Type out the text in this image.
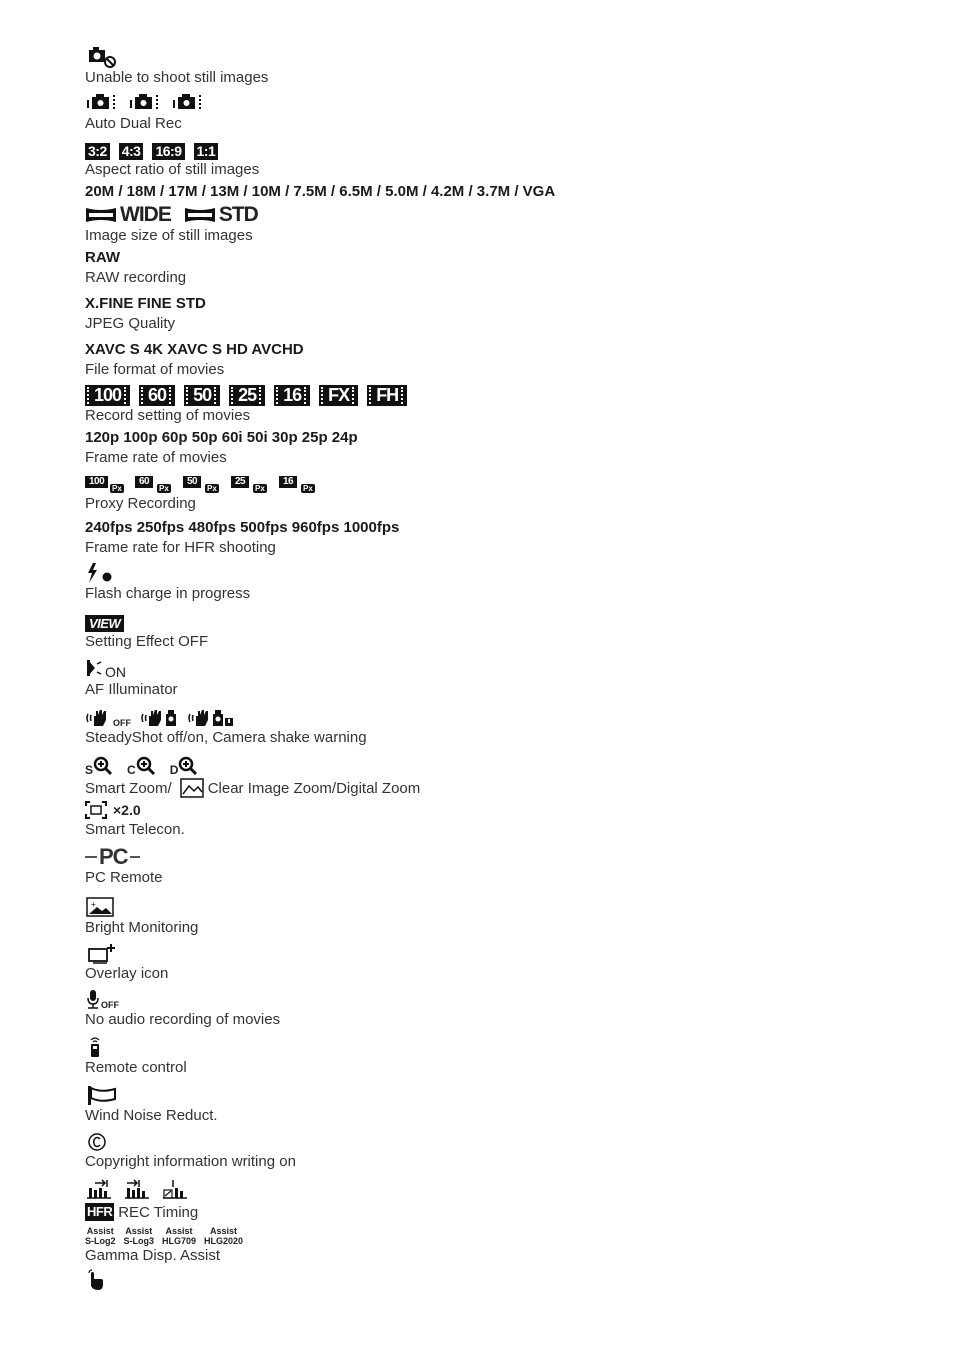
Unable to shoot still images
Auto Dual Rec
3:2 4:3 16:9 1:1
Aspect ratio of still images
20M / 18M / 17M / 13M / 10M / 7.5M / 6.5M / 5.0M / 4.2M / 3.7M / VGA
WIDE STD
Image size of still images
RAW
RAW recording
X.FINE FINE STD
JPEG Quality
XAVC S 4K XAVC S HD AVCHD
File format of movies
100	60	50	25	16	FX	FH
Record setting of movies
120p 100p 60p 50p 60i 50i 30p 25p 24p
Frame rate of movies
100
Px
60
Px
50
Px
25
Px
16
Px
Proxy Recording
240fps 250fps 480fps 500fps 960fps 1000fps
Frame rate for HFR shooting
Flash charge in progress
VIEW
Setting Effect OFF
ON
AF Illuminator
OFF
SteadyShot off/on, Camera shake warning
S	C	D
Smart Zoom/ Clear Image Zoom/Digital Zoom
×2.0
Smart Telecon.
PC
PC Remote
+
Bright Monitoring
Overlay icon
OFF
No audio recording of movies
Remote control
Wind Noise Reduct.
Copyright information writing on
HFR REC Timing
Assist
S-Log2
Assist
S-Log3
Assist
HLG709
Assist
HLG2020
Gamma Disp. Assist
